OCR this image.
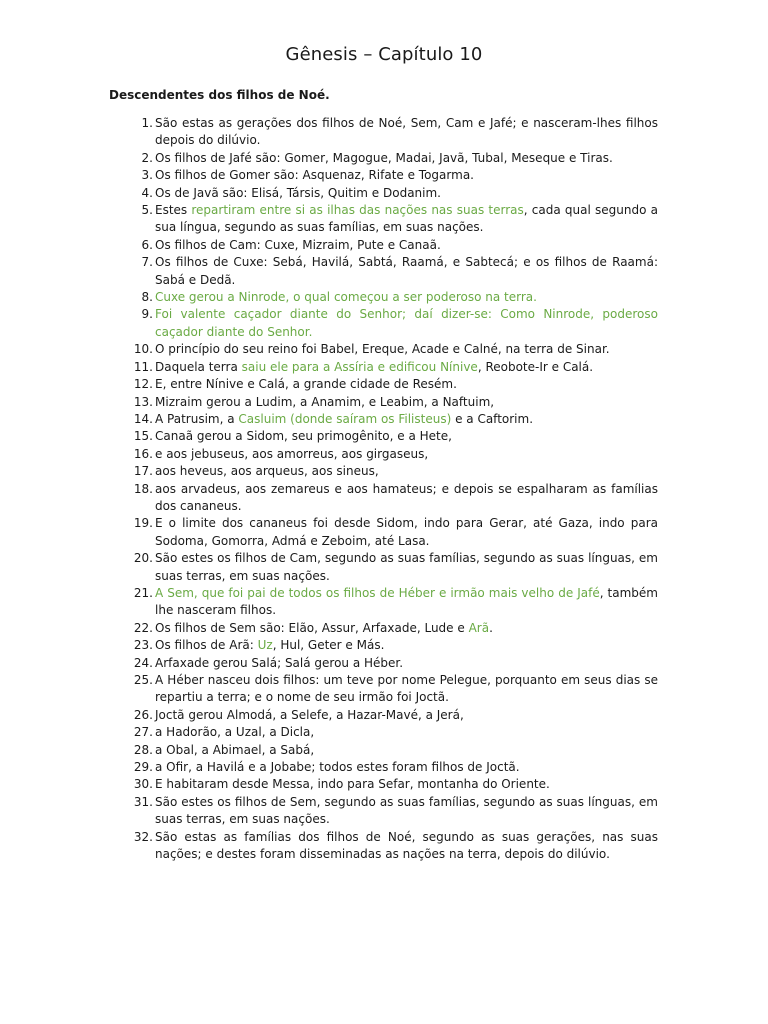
Gênesis – Capítulo 10

Descendentes dos filhos de Noé.

1. São estas as gerações dos filhos de Noé, Sem, Cam e Jafé; e nasceram-lhes filhos depois do dilúvio.
2. Os filhos de Jafé são: Gomer, Magogue, Madai, Javã, Tubal, Meseque e Tiras.
3. Os filhos de Gomer são: Asquenaz, Rifate e Togarma.
4. Os de Javã são: Elisá, Társis, Quitim e Dodanim.
5. Estes repartiram entre si as ilhas das nações nas suas terras, cada qual segundo a sua língua, segundo as suas famílias, em suas nações.
6. Os filhos de Cam: Cuxe, Mizraim, Pute e Canaã.
7. Os filhos de Cuxe: Sebá, Havilá, Sabtá, Raamá, e Sabtecá; e os filhos de Raamá: Sabá e Dedã.
8. Cuxe gerou a Ninrode, o qual começou a ser poderoso na terra.
9. Foi valente caçador diante do Senhor; daí dizer-se: Como Ninrode, poderoso caçador diante do Senhor.
10. O princípio do seu reino foi Babel, Ereque, Acade e Calné, na terra de Sinar.
11. Daquela terra saiu ele para a Assíria e edificou Nínive, Reobote-Ir e Calá.
12. E, entre Nínive e Calá, a grande cidade de Resém.
13. Mizraim gerou a Ludim, a Anamim, e Leabim, a Naftuim,
14. A Patrusim, a Casluim (donde saíram os Filisteus) e a Caftorim.
15. Canaã gerou a Sidom, seu primogênito, e a Hete,
16. e aos jebuseus, aos amorreus, aos girgaseus,
17. aos heveus, aos arqueus, aos sineus,
18. aos arvadeus, aos zemareus e aos hamateus; e depois se espalharam as famílias dos cananeus.
19. E o limite dos cananeus foi desde Sidom, indo para Gerar, até Gaza, indo para Sodoma, Gomorra, Admá e Zeboim, até Lasa.
20. São estes os filhos de Cam, segundo as suas famílias, segundo as suas línguas, em suas terras, em suas nações.
21. A Sem, que foi pai de todos os filhos de Héber e irmão mais velho de Jafé, também lhe nasceram filhos.
22. Os filhos de Sem são: Elão, Assur, Arfaxade, Lude e Arã.
23. Os filhos de Arã: Uz, Hul, Geter e Más.
24. Arfaxade gerou Salá; Salá gerou a Héber.
25. A Héber nasceu dois filhos: um teve por nome Pelegue, porquanto em seus dias se repartiu a terra; e o nome de seu irmão foi Joctã.
26. Joctã gerou Almodá, a Selefe, a Hazar-Mavé, a Jerá,
27. a Hadorão, a Uzal, a Dicla,
28. a Obal, a Abimael, a Sabá,
29. a Ofir, a Havilá e a Jobabe; todos estes foram filhos de Joctã.
30. E habitaram desde Messa, indo para Sefar, montanha do Oriente.
31. São estes os filhos de Sem, segundo as suas famílias, segundo as suas línguas, em suas terras, em suas nações.
32. São estas as famílias dos filhos de Noé, segundo as suas gerações, nas suas nações; e destes foram disseminadas as nações na terra, depois do dilúvio.
